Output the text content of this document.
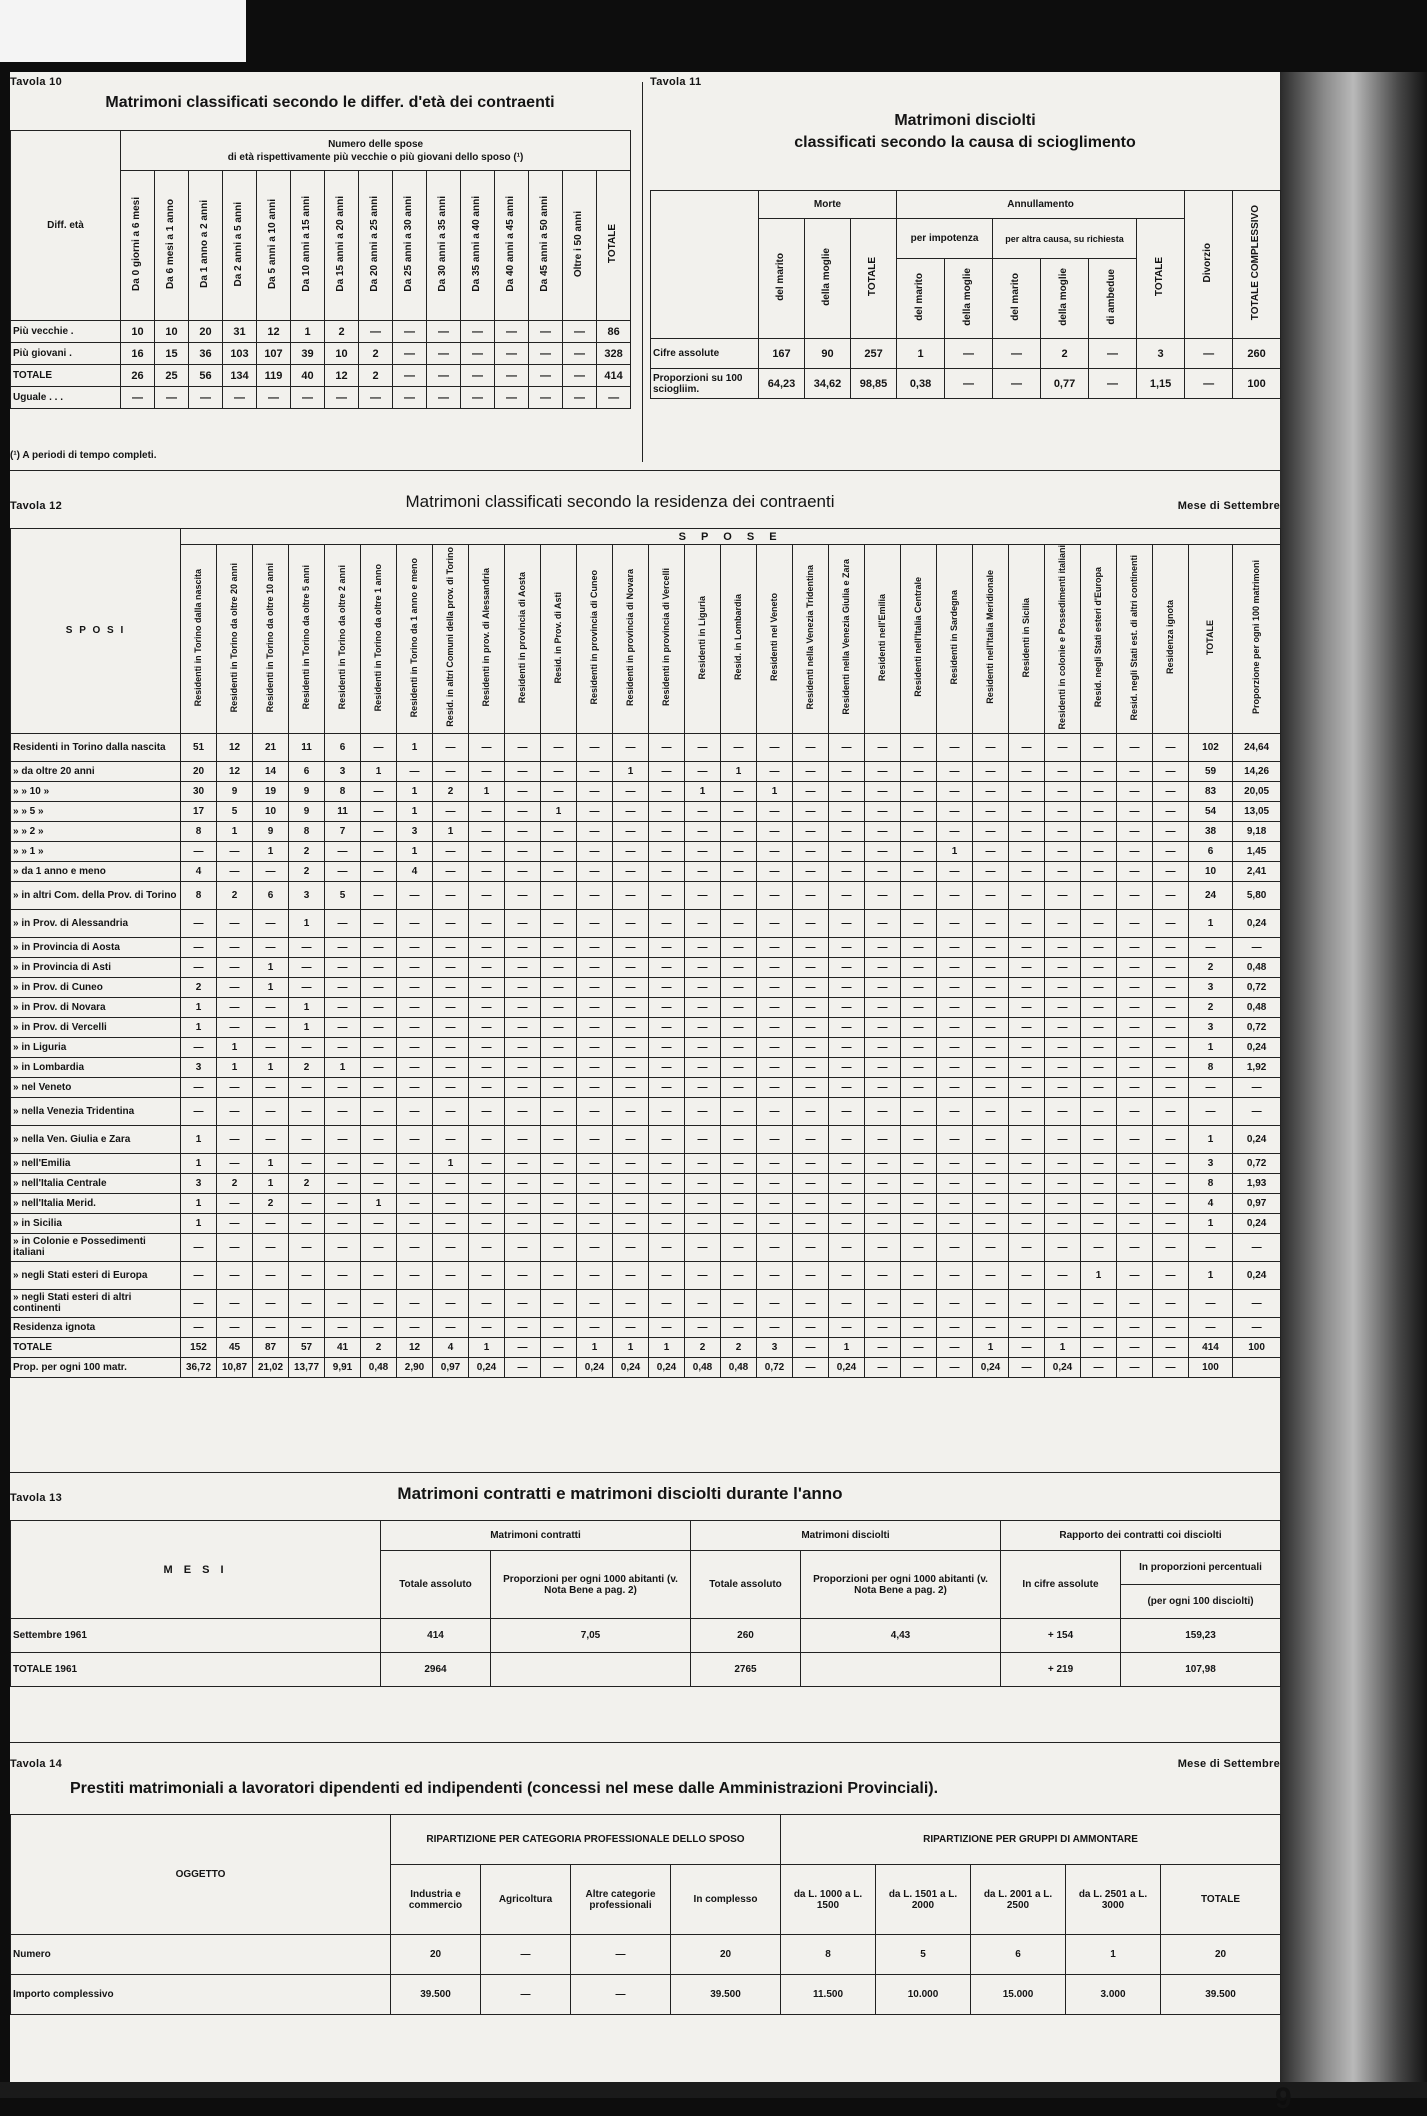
Tavola 10
Matrimoni classificati secondo le differ. d'età dei contraenti
Diff. età	Numero delle spose
di età rispettivamente più vecchie o più giovani dello sposo (¹)														
	Da 0 giorni a 6 mesi	Da 6 mesi a 1 anno	Da 1 anno a 2 anni	Da 2 anni a 5 anni	Da 5 anni a 10 anni	Da 10 anni a 15 anni	Da 15 anni a 20 anni	Da 20 anni a 25 anni	Da 25 anni a 30 anni	Da 30 anni a 35 anni	Da 35 anni a 40 anni	Da 40 anni a 45 anni	Da 45 anni a 50 anni	Oltre i 50 anni	TOTALE
Più vecchie .	10	10	20	31	12	1	2	—	—	—	—	—	—	—	86
Più giovani .	16	15	36	103	107	39	10	2	—	—	—	—	—	—	328
TOTALE	26	25	56	134	119	40	12	2	—	—	—	—	—	—	414
Uguale . . .	—	—	—	—	—	—	—	—	—	—	—	—	—	—	—
(¹) A periodi di tempo completi.
Tavola 11
Matrimoni disciolti
classificati secondo la causa di scioglimento
	Morte			Annullamento						Divorzio	TOTALE COMPLESSIVO
	del marito	della moglie	TOTALE	per impotenza		per altra causa, su richiesta			TOTALE		
				del marito	della moglie	del marito	della moglie	di ambedue			
Cifre assolute	167	90	257	1	—	—	2	—	3	—	260
Proporzioni su 100 sciogliim.	64,23	34,62	98,85	0,38	—	—	0,77	—	1,15	—	100
Tavola 12	Matrimoni classificati secondo la residenza dei contraenti	Mese di Settembre
S P O S I	S P O S E																													
	Residenti in Torino dalla nascita	Residenti in Torino da oltre 20 anni	Residenti in Torino da oltre 10 anni	Residenti in Torino da oltre 5 anni	Residenti in Torino da oltre 2 anni	Residenti in Torino da oltre 1 anno	Residenti in Torino da 1 anno e meno	Resid. in altri Comuni della prov. di Torino	Residenti in prov. di Alessandria	Residenti in provincia di Aosta	Resid. in Prov. di Asti	Residenti in provincia di Cuneo	Residenti in provincia di Novara	Residenti in provincia di Vercelli	Residenti in Liguria	Resid. in Lombardia	Residenti nel Veneto	Residenti nella Venezia Tridentina	Residenti nella Venezia Giulia e Zara	Residenti nell'Emilia	Residenti nell'Italia Centrale	Residenti in Sardegna	Residenti nell'Italia Meridionale	Residenti in Sicilia	Residenti in colonie e Possedimenti italiani	Resid. negli Stati esteri d'Europa	Resid. negli Stati est. di altri continenti	Residenza ignota	TOTALE	Proporzione per ogni 100 matrimoni
Residenti in Torino dalla nascita	51	12	21	11	6	—	1	—	—	—	—	—	—	—	—	—	—	—	—	—	—	—	—	—	—	—	—	—	102	24,64
» da oltre 20 anni	20	12	14	6	3	1	—	—	—	—	—	—	1	—	—	1	—	—	—	—	—	—	—	—	—	—	—	—	59	14,26
» » 10 »	30	9	19	9	8	—	1	2	1	—	—	—	—	—	1	—	1	—	—	—	—	—	—	—	—	—	—	—	83	20,05
» » 5 »	17	5	10	9	11	—	1	—	—	—	1	—	—	—	—	—	—	—	—	—	—	—	—	—	—	—	—	—	54	13,05
» » 2 »	8	1	9	8	7	—	3	1	—	—	—	—	—	—	—	—	—	—	—	—	—	—	—	—	—	—	—	—	38	9,18
» » 1 »	—	—	1	2	—	—	1	—	—	—	—	—	—	—	—	—	—	—	—	—	—	1	—	—	—	—	—	—	6	1,45
» da 1 anno e meno	4	—	—	2	—	—	4	—	—	—	—	—	—	—	—	—	—	—	—	—	—	—	—	—	—	—	—	—	10	2,41
» in altri Com. della Prov. di Torino	8	2	6	3	5	—	—	—	—	—	—	—	—	—	—	—	—	—	—	—	—	—	—	—	—	—	—	—	24	5,80
» in Prov. di Alessandria	—	—	—	1	—	—	—	—	—	—	—	—	—	—	—	—	—	—	—	—	—	—	—	—	—	—	—	—	1	0,24
» in Provincia di Aosta	—	—	—	—	—	—	—	—	—	—	—	—	—	—	—	—	—	—	—	—	—	—	—	—	—	—	—	—	—	—
» in Provincia di Asti	—	—	1	—	—	—	—	—	—	—	—	—	—	—	—	—	—	—	—	—	—	—	—	—	—	—	—	—	2	0,48
» in Prov. di Cuneo	2	—	1	—	—	—	—	—	—	—	—	—	—	—	—	—	—	—	—	—	—	—	—	—	—	—	—	—	3	0,72
» in Prov. di Novara	1	—	—	1	—	—	—	—	—	—	—	—	—	—	—	—	—	—	—	—	—	—	—	—	—	—	—	—	2	0,48
» in Prov. di Vercelli	1	—	—	1	—	—	—	—	—	—	—	—	—	—	—	—	—	—	—	—	—	—	—	—	—	—	—	—	3	0,72
» in Liguria	—	1	—	—	—	—	—	—	—	—	—	—	—	—	—	—	—	—	—	—	—	—	—	—	—	—	—	—	1	0,24
» in Lombardia	3	1	1	2	1	—	—	—	—	—	—	—	—	—	—	—	—	—	—	—	—	—	—	—	—	—	—	—	8	1,92
» nel Veneto	—	—	—	—	—	—	—	—	—	—	—	—	—	—	—	—	—	—	—	—	—	—	—	—	—	—	—	—	—	—
» nella Venezia Tridentina	—	—	—	—	—	—	—	—	—	—	—	—	—	—	—	—	—	—	—	—	—	—	—	—	—	—	—	—	—	—
» nella Ven. Giulia e Zara	1	—	—	—	—	—	—	—	—	—	—	—	—	—	—	—	—	—	—	—	—	—	—	—	—	—	—	—	1	0,24
» nell'Emilia	1	—	1	—	—	—	—	1	—	—	—	—	—	—	—	—	—	—	—	—	—	—	—	—	—	—	—	—	3	0,72
» nell'Italia Centrale	3	2	1	2	—	—	—	—	—	—	—	—	—	—	—	—	—	—	—	—	—	—	—	—	—	—	—	—	8	1,93
» nell'Italia Merid.	1	—	2	—	—	1	—	—	—	—	—	—	—	—	—	—	—	—	—	—	—	—	—	—	—	—	—	—	4	0,97
» in Sicilia	1	—	—	—	—	—	—	—	—	—	—	—	—	—	—	—	—	—	—	—	—	—	—	—	—	—	—	—	1	0,24
» in Colonie e Possedimenti italiani	—	—	—	—	—	—	—	—	—	—	—	—	—	—	—	—	—	—	—	—	—	—	—	—	—	—	—	—	—	—
» negli Stati esteri di Europa	—	—	—	—	—	—	—	—	—	—	—	—	—	—	—	—	—	—	—	—	—	—	—	—	—	1	—	—	1	0,24
» negli Stati esteri di altri continenti	—	—	—	—	—	—	—	—	—	—	—	—	—	—	—	—	—	—	—	—	—	—	—	—	—	—	—	—	—	—
Residenza ignota	—	—	—	—	—	—	—	—	—	—	—	—	—	—	—	—	—	—	—	—	—	—	—	—	—	—	—	—	—	—
TOTALE	152	45	87	57	41	2	12	4	1	—	—	1	1	1	2	2	3	—	1	—	—	—	1	—	1	—	—	—	414	100
Prop. per ogni 100 matr.	36,72	10,87	21,02	13,77	9,91	0,48	2,90	0,97	0,24	—	—	0,24	0,24	0,24	0,48	0,48	0,72	—	0,24	—	—	—	0,24	—	0,24	—	—	—	100	
Tavola 13	Matrimoni contratti e matrimoni disciolti durante l'anno
M E S I	Matrimoni contratti		Matrimoni disciolti		Rapporto dei contratti coi disciolti	
	Totale assoluto	Proporzioni per ogni 1000 abitanti (v. Nota Bene a pag. 2)	Totale assoluto	Proporzioni per ogni 1000 abitanti (v. Nota Bene a pag. 2)	In cifre assolute	In proporzioni percentuali
						(per ogni 100 disciolti)
Settembre 1961	414	7,05	260	4,43	+ 154	159,23
TOTALE 1961	2964		2765		+ 219	107,98
Tavola 14	Mese di Settembre
Prestiti matrimoniali a lavoratori dipendenti ed indipendenti (concessi nel mese dalle Amministrazioni Provinciali).
OGGETTO	RIPARTIZIONE PER CATEGORIA PROFESSIONALE DELLO SPOSO				RIPARTIZIONE PER GRUPPI DI AMMONTARE				
	Industria e commercio	Agricoltura	Altre categorie professionali	In complesso	da L. 1000 a L. 1500	da L. 1501 a L. 2000	da L. 2001 a L. 2500	da L. 2501 a L. 3000	TOTALE
Numero	20	—	—	20	8	5	6	1	20
Importo complessivo	39.500	—	—	39.500	11.500	10.000	15.000	3.000	39.500
9
